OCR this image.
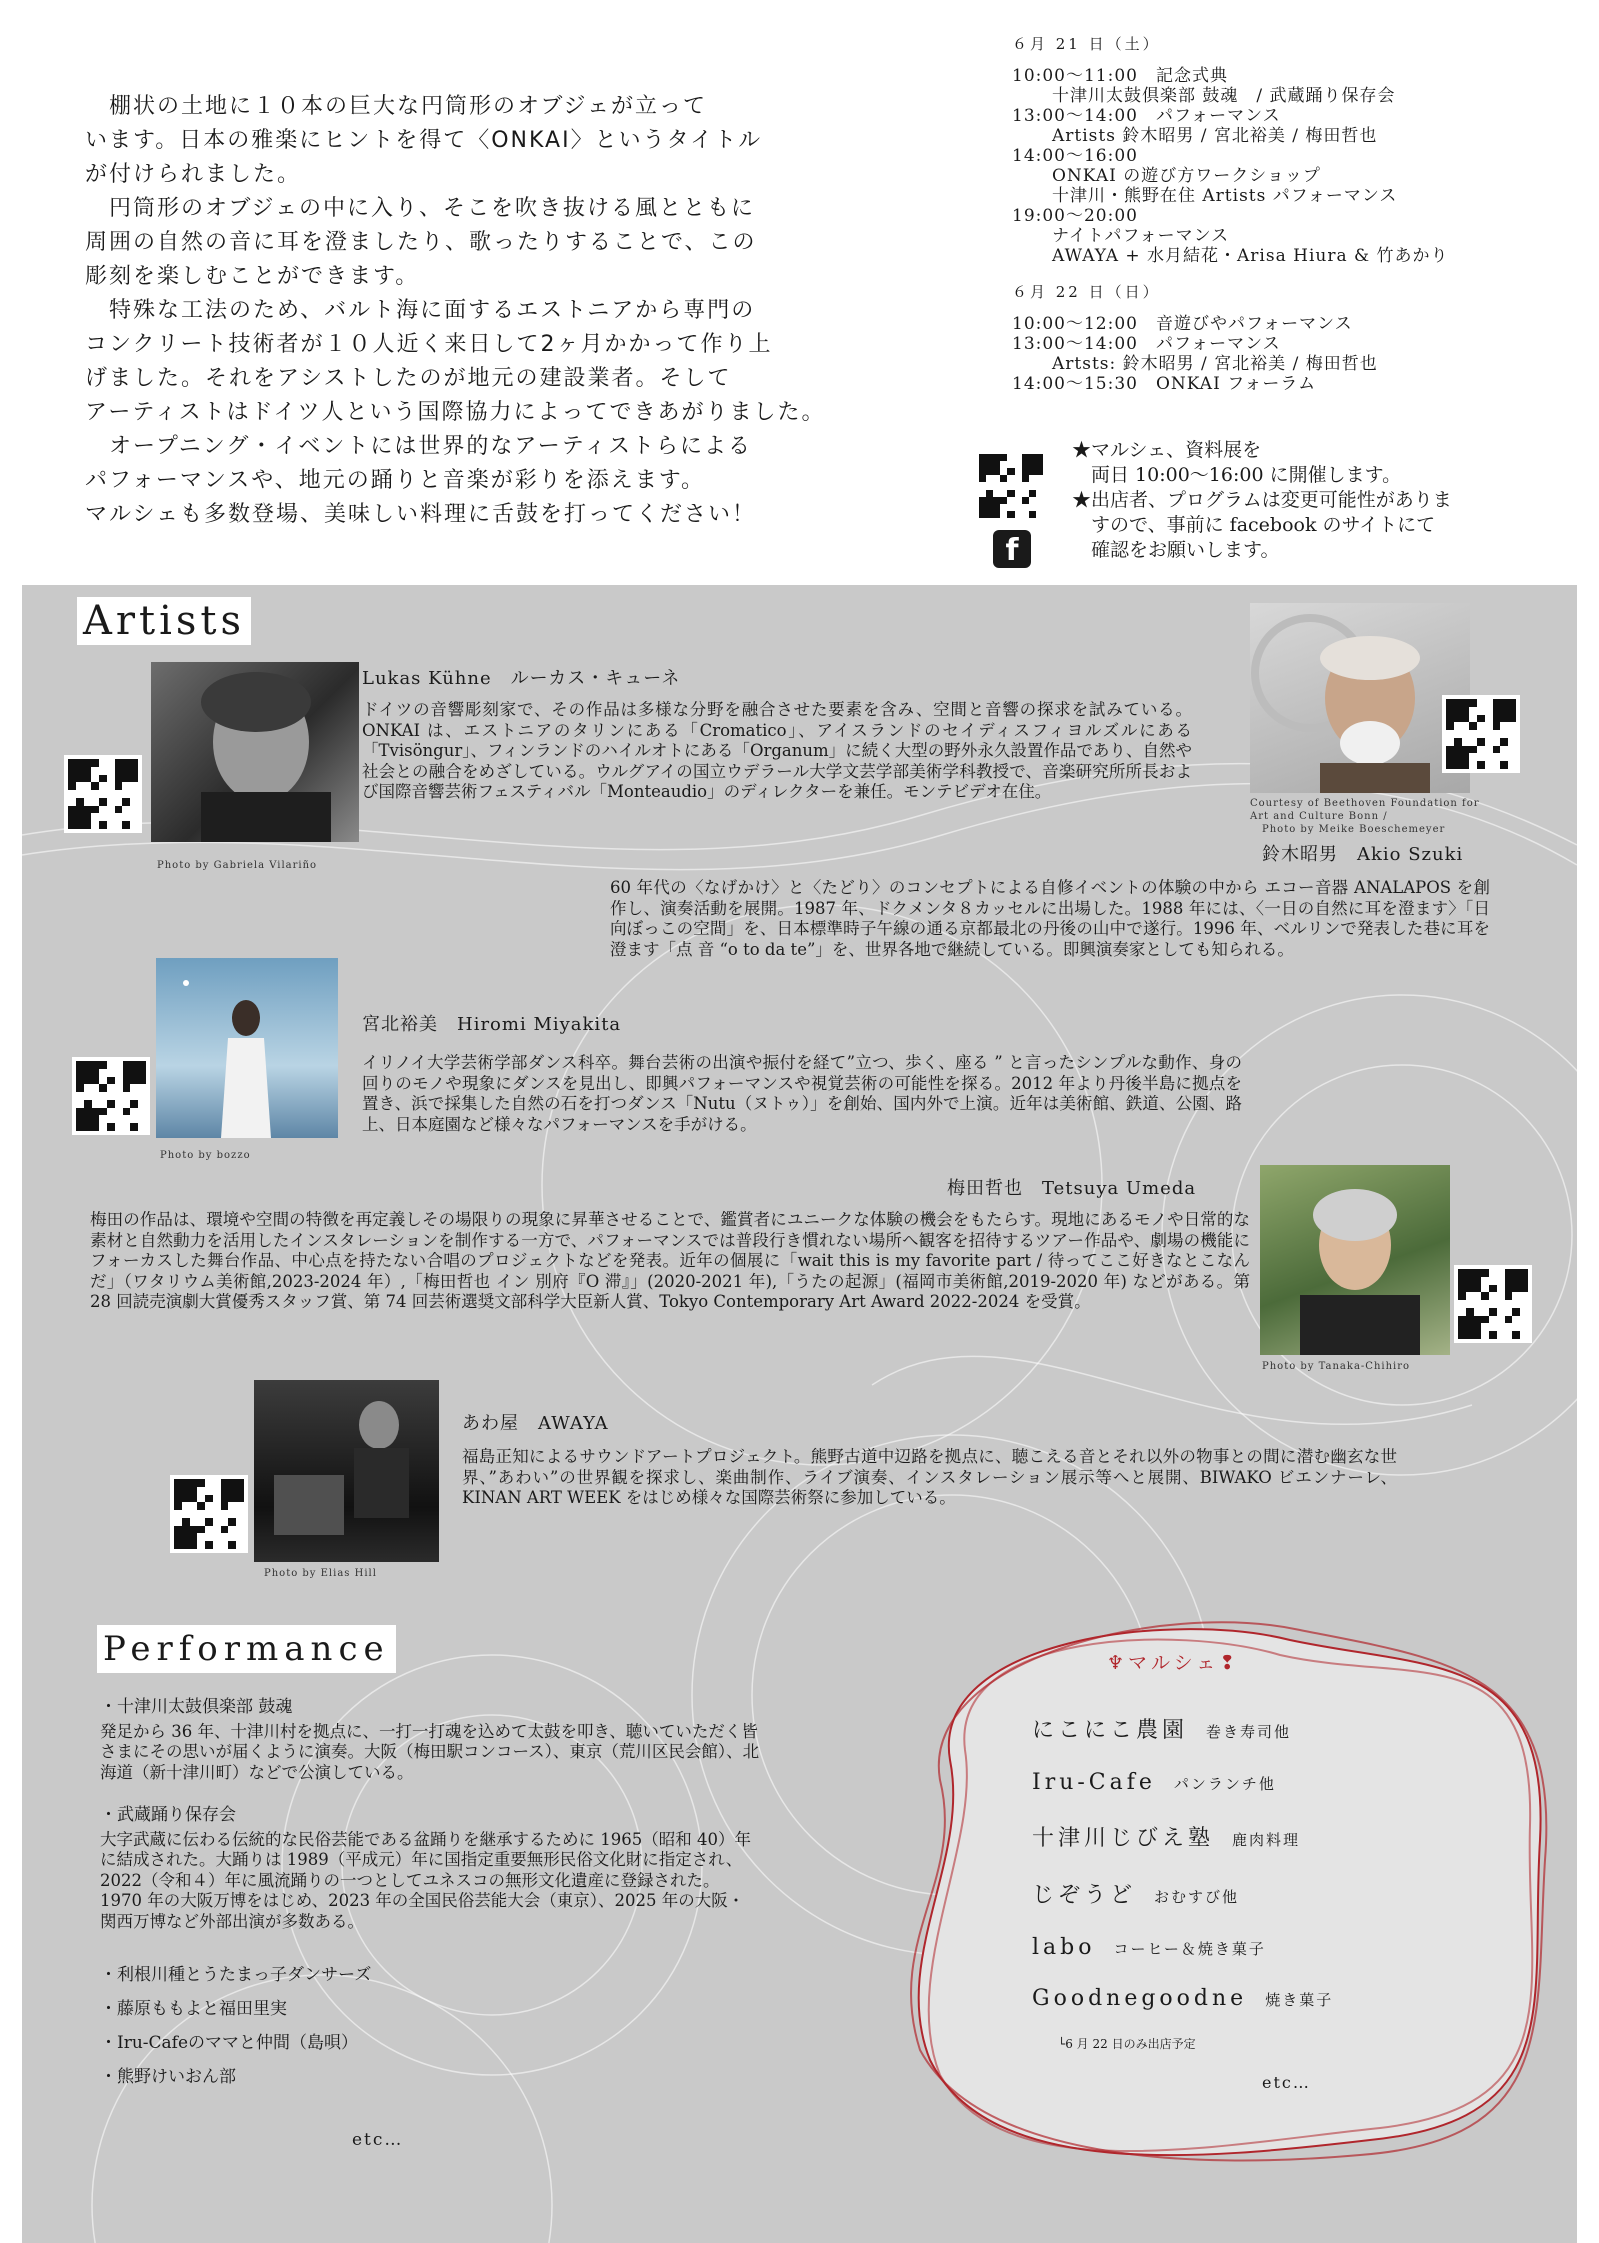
　棚状の土地に１０本の巨大な円筒形のオブジェが立って

います。日本の雅楽にヒントを得て〈ONKAI〉というタイトル

が付けられました。

　円筒形のオブジェの中に入り、そこを吹き抜ける風とともに

周囲の自然の音に耳を澄ましたり、歌ったりすることで、この

彫刻を楽しむことができます。

　特殊な工法のため、バルト海に面するエストニアから専門の

コンクリート技術者が１０人近く来日して2ヶ月かかって作り上

げました。それをアシストしたのが地元の建設業者。そして

アーティストはドイツ人という国際協力によってできあがりました。

　オープニング・イベントには世界的なアーティストらによる

パフォーマンスや、地元の踊りと音楽が彩りを添えます。

マルシェも多数登場、美味しい料理に舌鼓を打ってください！

６月 21 日（土）
10:00～11:00　記念式典
十津川太鼓倶楽部 鼓魂　/ 武蔵踊り保存会
13:00～14:00　パフォーマンス
Artists 鈴木昭男 / 宮北裕美 / 梅田哲也
14:00～16:00
ONKAI の遊び方ワークショップ
十津川・熊野在住 Artists パフォーマンス
19:00～20:00
ナイトパフォーマンス
AWAYA + 水月結花・Arisa Hiura & 竹あかり
６月 22 日（日）
10:00～12:00　音遊びやパフォーマンス
13:00～14:00　パフォーマンス
Artsts: 鈴木昭男 / 宮北裕美 / 梅田哲也
14:00～15:30　ONKAI フォーラム
f
★マルシェ、資料展を
　両日 10:00～16:00 に開催します。
★出店者、プログラムは変更可能性がありま
　すので、事前に facebook のサイトにて
　確認をお願いします。
Artists
Photo by Gabriela Vilariño
Lukas Kühne　ルーカス・キューネ
ドイツの音響彫刻家で、その作品は多様な分野を融合させた要素を含み、空間と音響の探求を試みている。ONKAI は、エストニアのタリンにある「Cromatico」、アイスランドのセイディスフィヨルズルにある「Tvisöngur」、フィンランドのハイルオトにある「Organum」に続く大型の野外永久設置作品であり、自然や社会との融合をめざしている。ウルグアイの国立ウデラール大学文芸学部美術学科教授で、音楽研究所所長および国際音響芸術フェスティバル「Monteaudio」のディレクターを兼任。モンテビデオ在住。
Courtesy of Beethoven Foundation for
Art and Culture Bonn /
Photo by Meike Boeschemeyer
鈴木昭男　Akio Szuki
60 年代の〈なげかけ〉と〈たどり〉のコンセプトによる自修イベントの体験の中から エコー音器 ANALAPOS を創作し、演奏活動を展開。1987 年、ドクメンタ８カッセルに出場した。1988 年には、〈一日の自然に耳を澄ます〉「日向ぼっこの空間」を、日本標準時子午線の通る京都最北の丹後の山中で遂行。1996 年、ベルリンで発表した巷に耳を澄ます「点 音 “o to da te”」を、世界各地で継続している。即興演奏家としても知られる。
Photo by bozzo
宮北裕美　Hiromi Miyakita
イリノイ大学芸術学部ダンス科卒。舞台芸術の出演や振付を経て”立つ、歩く、座る ” と言ったシンプルな動作、身の回りのモノや現象にダンスを見出し、即興パフォーマンスや視覚芸術の可能性を探る。2012 年より丹後半島に拠点を置き、浜で採集した自然の石を打つダンス「Nutu（ヌトゥ）」を創始、国内外で上演。近年は美術館、鉄道、公園、路上、日本庭園など様々なパフォーマンスを手がける。
梅田哲也　Tetsuya Umeda
梅田の作品は、環境や空間の特徴を再定義しその場限りの現象に昇華させることで、鑑賞者にユニークな体験の機会をもたらす。現地にあるモノや日常的な素材と自然動力を活用したインスタレーションを制作する一方で、パフォーマンスでは普段行き慣れない場所へ観客を招待するツアー作品や、劇場の機能にフォーカスした舞台作品、中心点を持たない合唱のプロジェクトなどを発表。近年の個展に「wait this is my favorite part / 待ってここ好きなとこなんだ」（ワタリウム美術館,2023-2024 年）,「梅田哲也 イン 別府『O 滞』」(2020-2021 年),「うたの起源」(福岡市美術館,2019-2020 年) などがある。第 28 回読売演劇大賞優秀スタッフ賞、第 74 回芸術選奨文部科学大臣新人賞、Tokyo Contemporary Art Award 2022-2024 を受賞。
Photo by Tanaka-Chihiro
Photo by Elias Hill
あわ屋　AWAYA
福島正知によるサウンドアートプロジェクト。熊野古道中辺路を拠点に、聴こえる音とそれ以外の物事との間に潜む幽玄な世界、”あわい”の世界観を探求し、楽曲制作、ライブ演奏、インスタレーション展示等へと展開、BIWAKO ビエンナーレ、KINAN ART WEEK をはじめ様々な国際芸術祭に参加している。
Performance
・十津川太鼓倶楽部 鼓魂
発足から 36 年、十津川村を拠点に、一打一打魂を込めて太鼓を叩き、聴いていただく皆さまにその思いが届くように演奏。大阪（梅田駅コンコース）、東京（荒川区民会館）、北海道（新十津川町）などで公演している。
・武蔵踊り保存会
大字武蔵に伝わる伝統的な民俗芸能である盆踊りを継承するために 1965（昭和 40）年に結成された。大踊りは 1989（平成元）年に国指定重要無形民俗文化財に指定され、2022（令和４）年に風流踊りの一つとしてユネスコの無形文化遺産に登録された。1970 年の大阪万博をはじめ、2023 年の全国民俗芸能大会（東京）、2025 年の大阪・関西万博など外部出演が多数ある。
・利根川種とうたまっ子ダンサーズ
・藤原ももよと福田里実
・Iru-Cafeのママと仲間（島唄）
・熊野けいおん部
etc…
♆マルシェ❢
にこにこ農園 巻き寿司他
Iru-Cafe パンランチ他
十津川じびえ塾 鹿肉料理
じぞうど おむすび他
labo コーヒー＆焼き菓子
Goodnegoodne 焼き菓子
└6 月 22 日のみ出店予定
etc…
